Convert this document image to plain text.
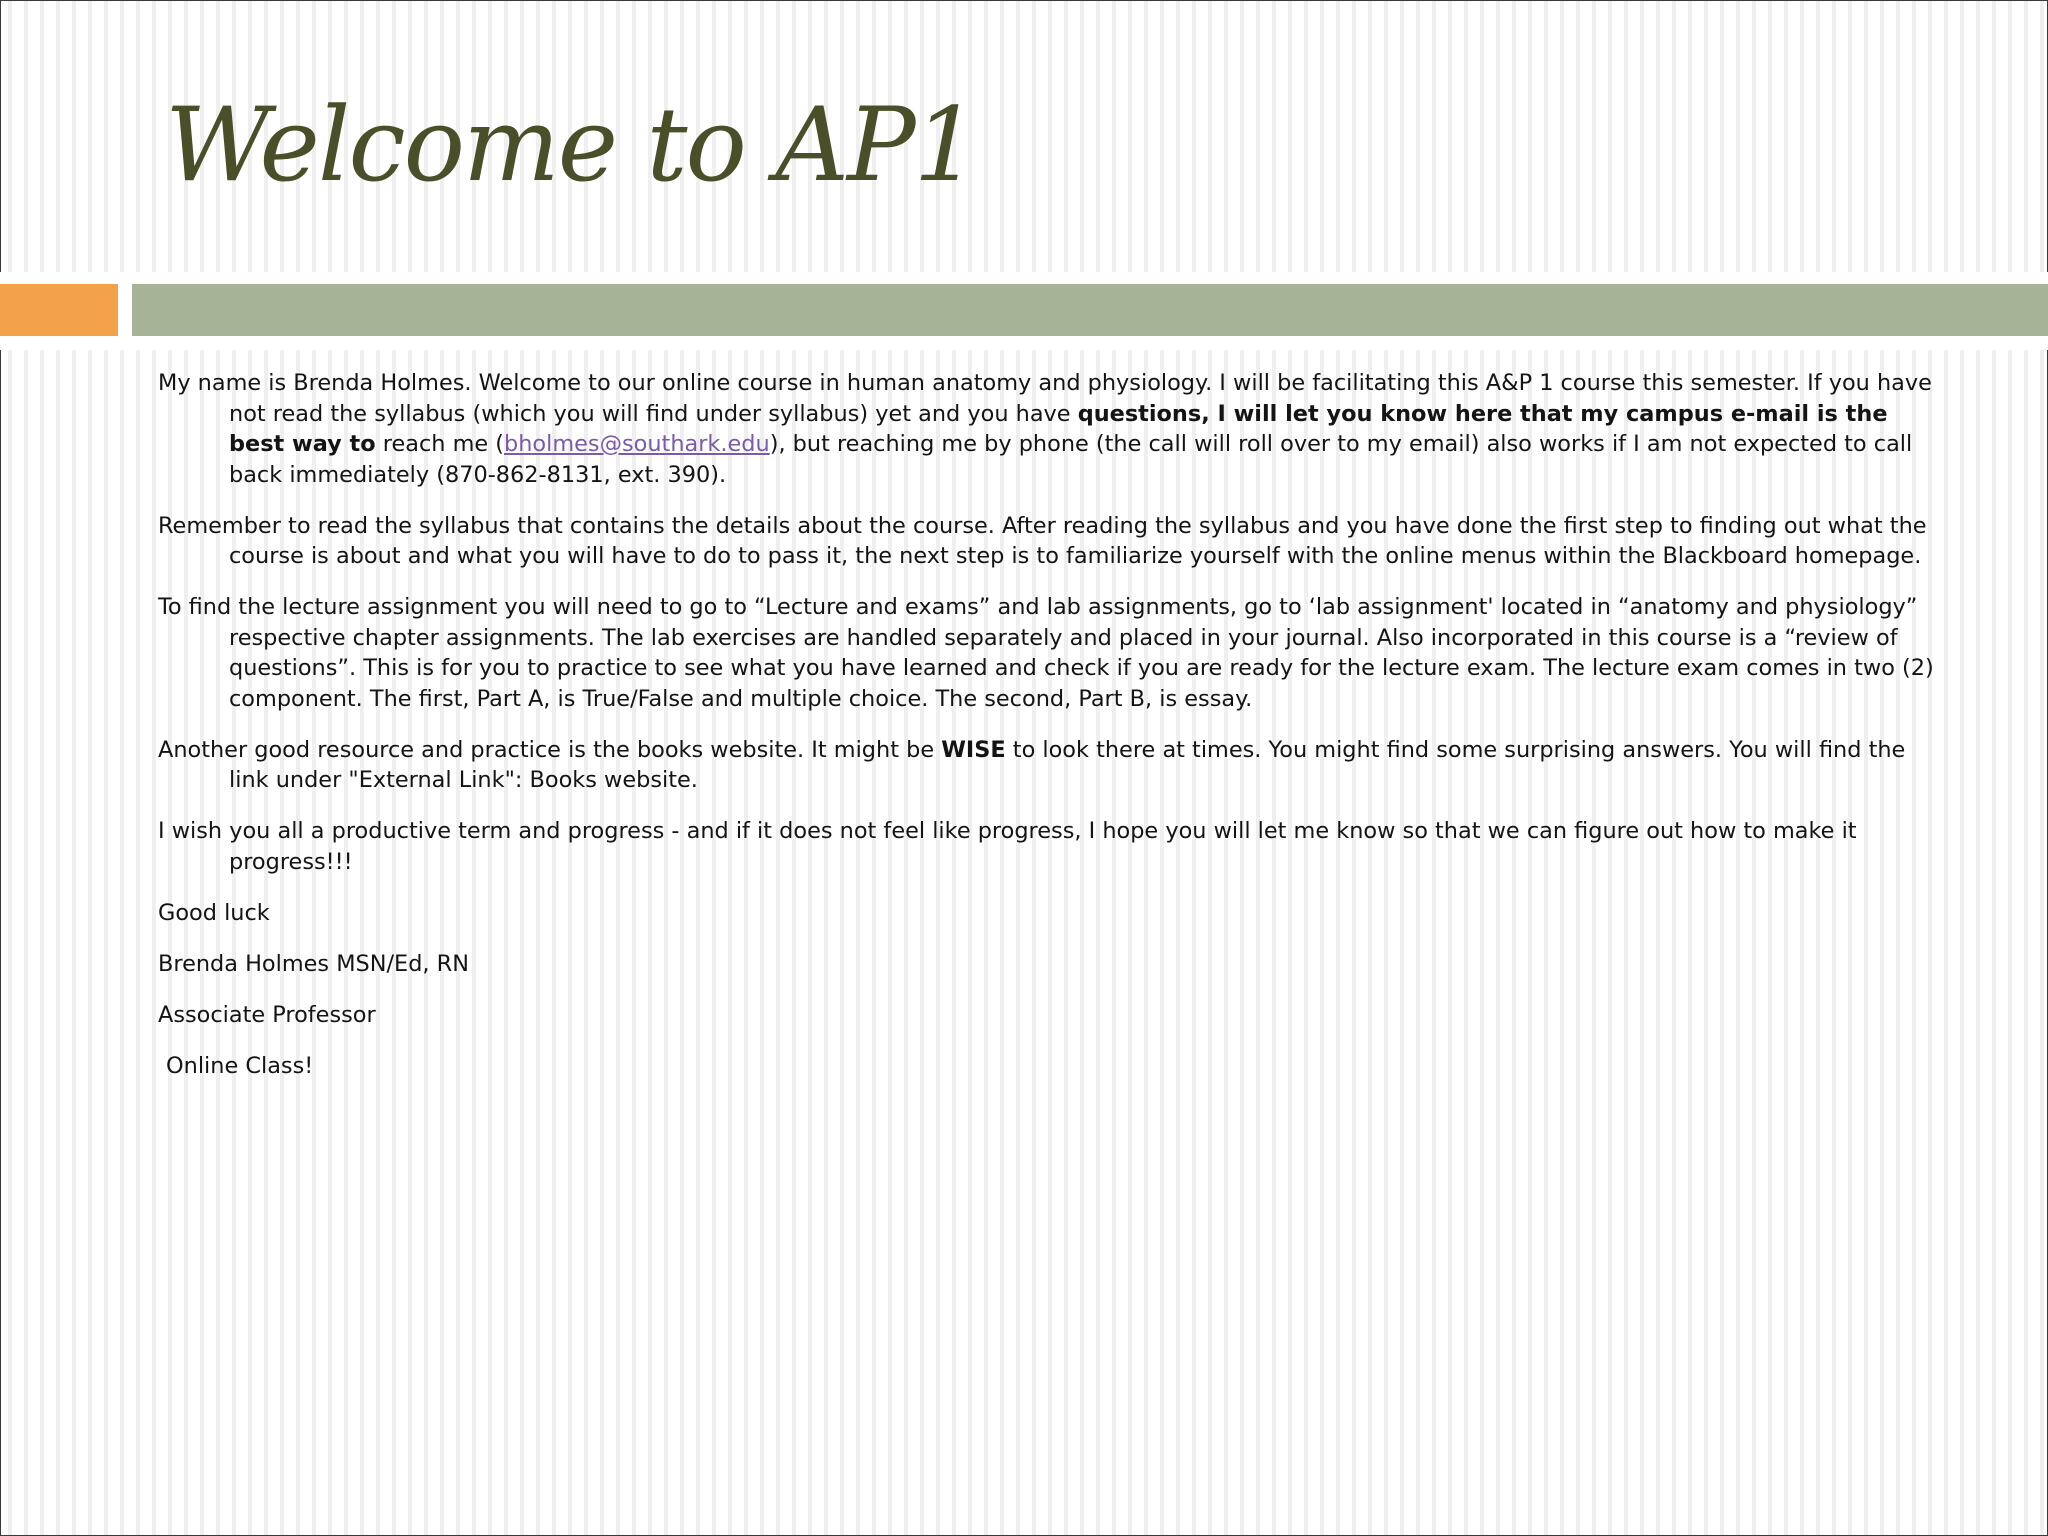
Welcome to AP1

My name is Brenda Holmes. Welcome to our online course in human anatomy and physiology. I will be facilitating this A&P 1 course this semester. If you have not read the syllabus (which you will find under syllabus) yet and you have questions, I will let you know here that my campus e-mail is the best way to reach me (bholmes@southark.edu), but reaching me by phone (the call will roll over to my email) also works if I am not expected to call back immediately (870-862-8131, ext. 390).

Remember to read the syllabus that contains the details about the course. After reading the syllabus and you have done the first step to finding out what the course is about and what you will have to do to pass it, the next step is to familiarize yourself with the online menus within the Blackboard homepage.

To find the lecture assignment you will need to go to “Lecture and exams” and lab assignments, go to ‘lab assignment' located in “anatomy and physiology” respective chapter assignments. The lab exercises are handled separately and placed in your journal. Also incorporated in this course is a “review of questions”. This is for you to practice to see what you have learned and check if you are ready for the lecture exam. The lecture exam comes in two (2) component. The first, Part A, is True/False and multiple choice. The second, Part B, is essay.

Another good resource and practice is the books website. It might be WISE to look there at times. You might find some surprising answers. You will find the link under "External Link": Books website.

I wish you all a productive term and progress - and if it does not feel like progress, I hope you will let me know so that we can figure out how to make it progress!!!

Good luck

Brenda Holmes MSN/Ed, RN

Associate Professor

Online Class!
